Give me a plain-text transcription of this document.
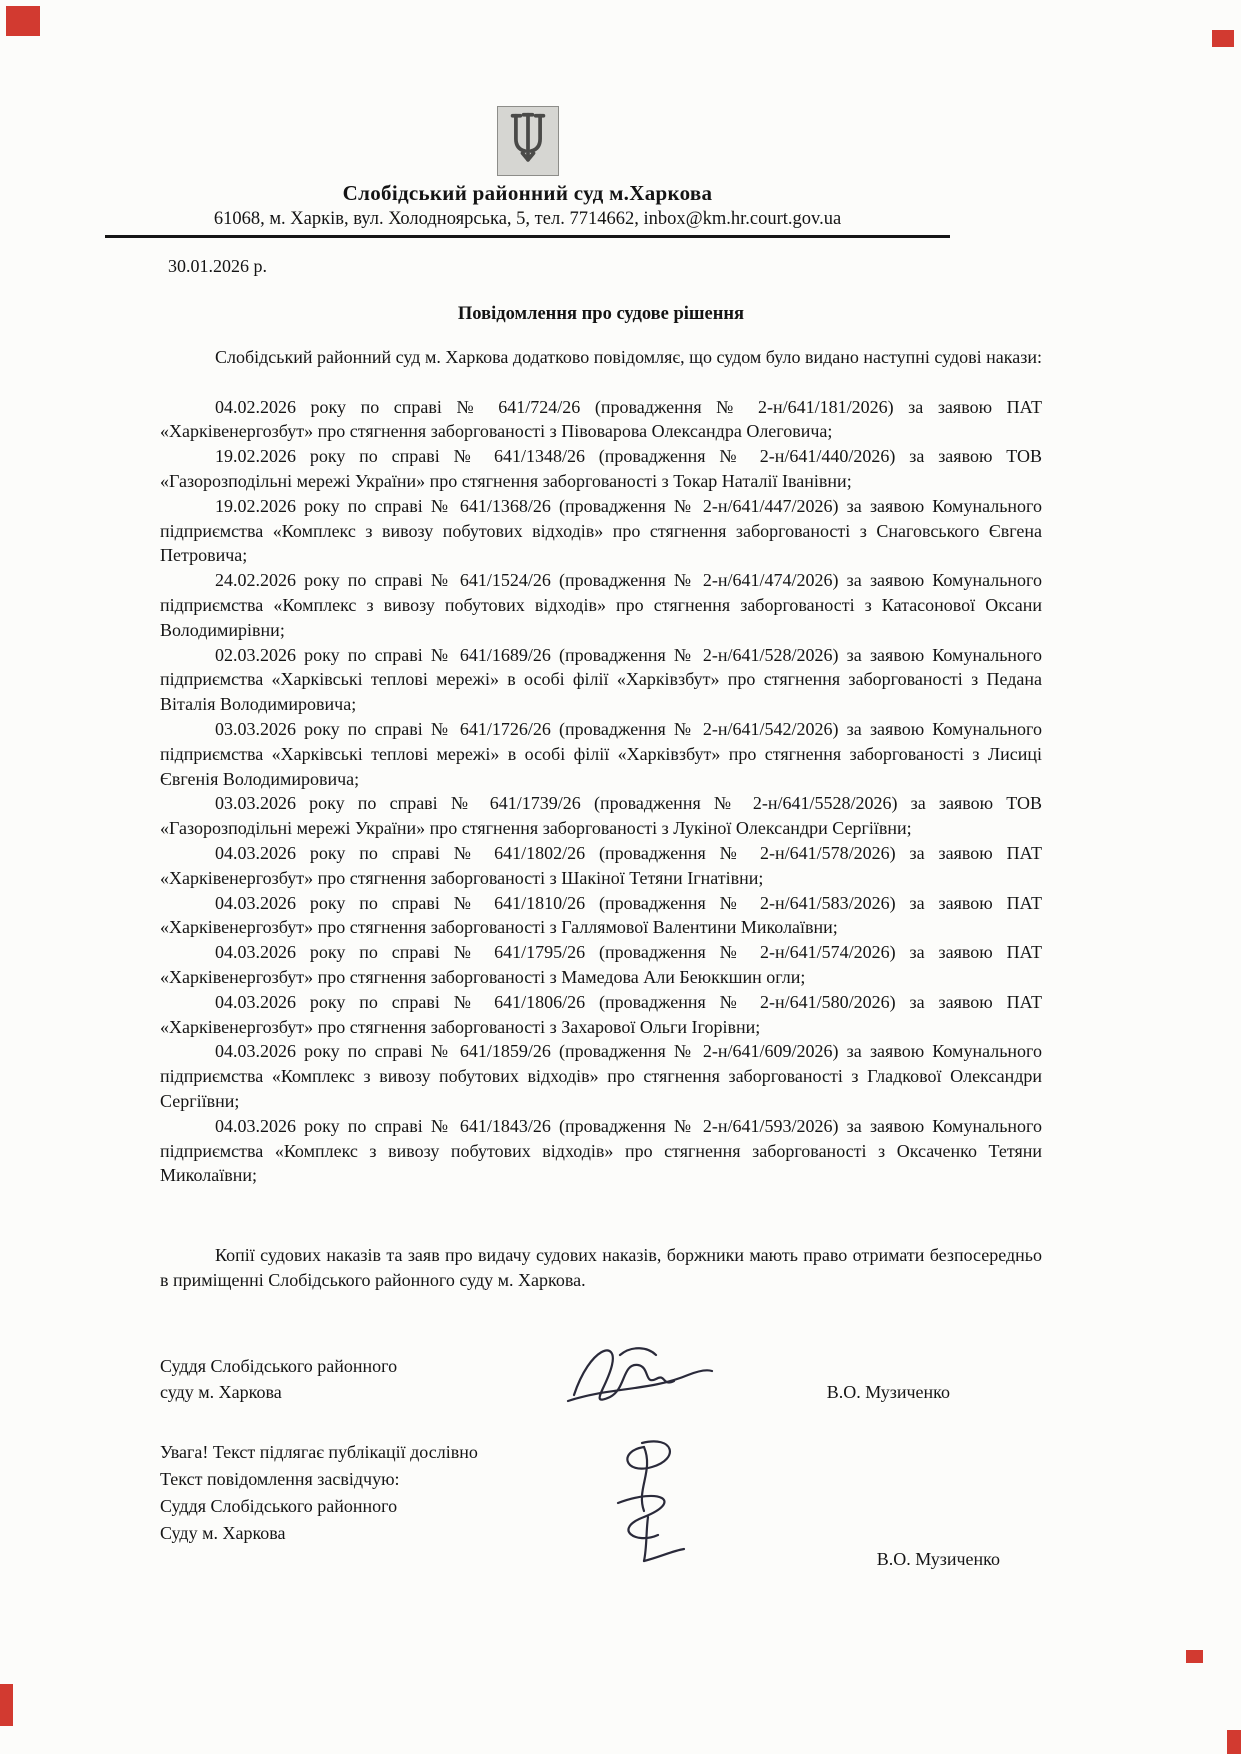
Слобідський районний суд м.Харкова
61068, м. Харків, вул. Холодноярська, 5, тел. 7714662, inbox@km.hr.court.gov.ua
30.01.2026 р.
Повідомлення про судове рішення

Слобідський районний суд м. Харкова додатково повідомляє, що судом було видано наступні судові накази:

04.02.2026 року по справі № 641/724/26 (провадження № 2-н/641/181/2026) за заявою ПАТ «Харківенергозбут» про стягнення заборгованості з Півоварова Олександра Олеговича;

19.02.2026 року по справі № 641/1348/26 (провадження № 2-н/641/440/2026) за заявою ТОВ «Газорозподільні мережі України» про стягнення заборгованості з Токар Наталії Іванівни;

19.02.2026 року по справі № 641/1368/26 (провадження № 2-н/641/447/2026) за заявою Комунального підприємства «Комплекс з вивозу побутових відходів» про стягнення заборгованості з Снаговського Євгена Петровича;

24.02.2026 року по справі № 641/1524/26 (провадження № 2-н/641/474/2026) за заявою Комунального підприємства «Комплекс з вивозу побутових відходів» про стягнення заборгованості з Катасонової Оксани Володимирівни;

02.03.2026 року по справі № 641/1689/26 (провадження № 2-н/641/528/2026) за заявою Комунального підприємства «Харківські теплові мережі» в особі філії «Харківзбут» про стягнення заборгованості з Педана Віталія Володимировича;

03.03.2026 року по справі № 641/1726/26 (провадження № 2-н/641/542/2026) за заявою Комунального підприємства «Харківські теплові мережі» в особі філії «Харківзбут» про стягнення заборгованості з Лисиці Євгенія Володимировича;

03.03.2026 року по справі № 641/1739/26 (провадження № 2-н/641/5528/2026) за заявою ТОВ «Газорозподільні мережі України» про стягнення заборгованості з Лукіної Олександри Сергіївни;

04.03.2026 року по справі № 641/1802/26 (провадження № 2-н/641/578/2026) за заявою ПАТ «Харківенергозбут» про стягнення заборгованості з Шакіної Тетяни Ігнатівни;

04.03.2026 року по справі № 641/1810/26 (провадження № 2-н/641/583/2026) за заявою ПАТ «Харківенергозбут» про стягнення заборгованості з Галлямової Валентини Миколаївни;

04.03.2026 року по справі № 641/1795/26 (провадження № 2-н/641/574/2026) за заявою ПАТ «Харківенергозбут» про стягнення заборгованості з Мамедова Али Беюккшин огли;

04.03.2026 року по справі № 641/1806/26 (провадження № 2-н/641/580/2026) за заявою ПАТ «Харківенергозбут» про стягнення заборгованості з Захарової Ольги Ігорівни;

04.03.2026 року по справі № 641/1859/26 (провадження № 2-н/641/609/2026) за заявою Комунального підприємства «Комплекс з вивозу побутових відходів» про стягнення заборгованості з Гладкової Олександри Сергіївни;

04.03.2026 року по справі № 641/1843/26 (провадження № 2-н/641/593/2026) за заявою Комунального підприємства «Комплекс з вивозу побутових відходів» про стягнення заборгованості з Оксаченко Тетяни Миколаївни;

Копії судових наказів та заяв про видачу судових наказів, боржники мають право отримати безпосередньо в приміщенні Слобідського районного суду м. Харкова.

Суддя Слобідського районного
суду м. Харкова	В.О. Музиченко
Увага! Текст підлягає публікації дослівно
Текст повідомлення засвідчую:
Суддя Слобідського районного
Суду м. Харкова
В.О. Музиченко
